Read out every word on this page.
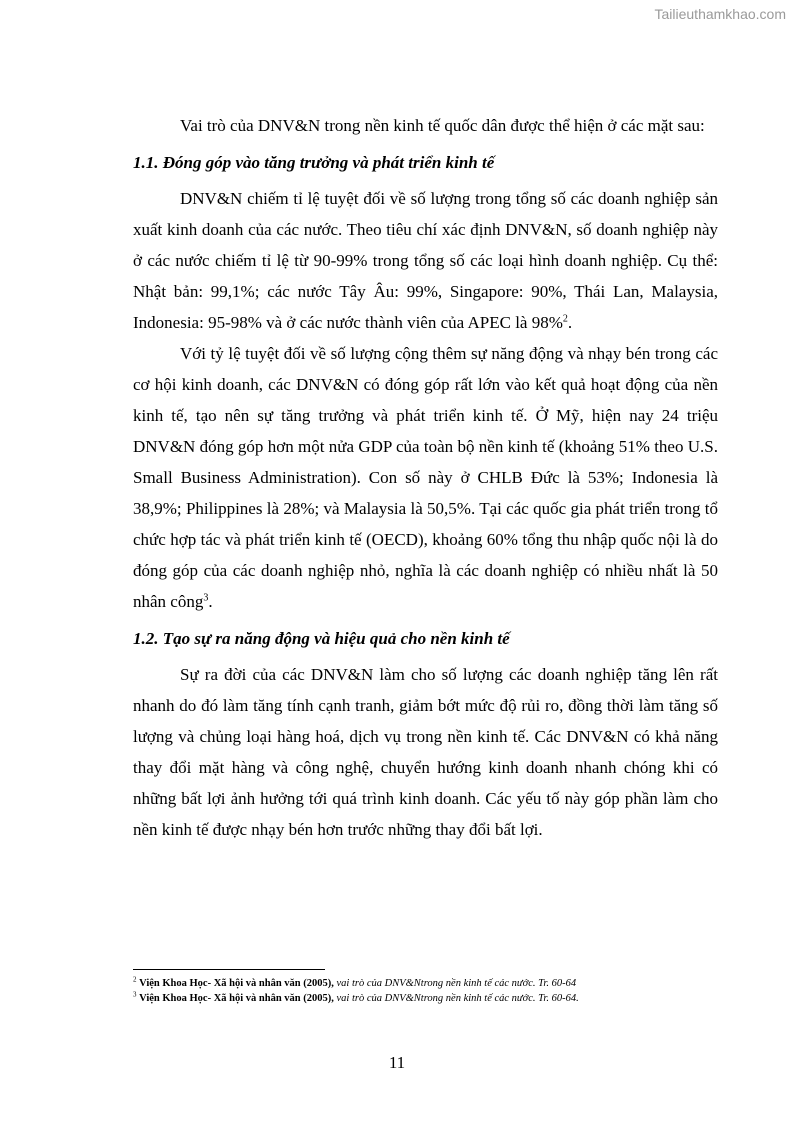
Tailieuthamkhao.com

Vai trò của DNV&N trong nền kinh tế quốc dân được thể hiện ở các mặt sau:

1.1. Đóng góp vào tăng trưởng và phát triển kinh tế

DNV&N chiếm tỉ lệ tuyệt đối về số lượng trong tổng số các doanh nghiệp sản xuất kinh doanh của các nước. Theo tiêu chí xác định DNV&N, số doanh nghiệp này ở các nước chiếm tỉ lệ từ 90-99% trong tổng số các loại hình doanh nghiệp. Cụ thể: Nhật bản: 99,1%; các nước Tây Âu: 99%, Singapore: 90%, Thái Lan, Malaysia, Indonesia: 95-98% và ở các nước thành viên của APEC là 98%$^2$.

Với tỷ lệ tuyệt đối về số lượng cộng thêm sự năng động và nhạy bén trong các cơ hội kinh doanh, các DNV&N có đóng góp rất lớn vào kết quả hoạt động của nền kinh tế, tạo nên sự tăng trưởng và phát triển kinh tế. Ở Mỹ, hiện nay 24 triệu DNV&N đóng góp hơn một nửa GDP của toàn bộ nền kinh tế (khoảng 51% theo U.S. Small Business Administration). Con số này ở CHLB Đức là 53%; Indonesia là 38,9%; Philippines là 28%; và Malaysia là 50,5%. Tại các quốc gia phát triển trong tổ chức hợp tác và phát triển kinh tế (OECD), khoảng 60% tổng thu nhập quốc nội là do đóng góp của các doanh nghiệp nhỏ, nghĩa là các doanh nghiệp có nhiều nhất là 50 nhân công$^3$.

1.2. Tạo sự ra năng động và hiệu quả cho nền kinh tế

Sự ra đời của các DNV&N làm cho số lượng các doanh nghiệp tăng lên rất nhanh do đó làm tăng tính cạnh tranh, giảm bớt mức độ rủi ro, đồng thời làm tăng số lượng và chủng loại hàng hoá, dịch vụ trong nền kinh tế. Các DNV&N có khả năng thay đổi mặt hàng và công nghệ, chuyển hướng kinh doanh nhanh chóng khi có những bất lợi ảnh hưởng tới quá trình kinh doanh. Các yếu tố này góp phần làm cho nền kinh tế được nhạy bén hơn trước những thay đổi bất lợi.

$^2$ Viện Khoa Học- Xã hội và nhân văn (2005), vai trò của DNV&Ntrong nền kinh tế các nước. Tr. 60-64
$^3$ Viện Khoa Học- Xã hội và nhân văn (2005), vai trò của DNV&Ntrong nền kinh tế các nước. Tr. 60-64.
11
